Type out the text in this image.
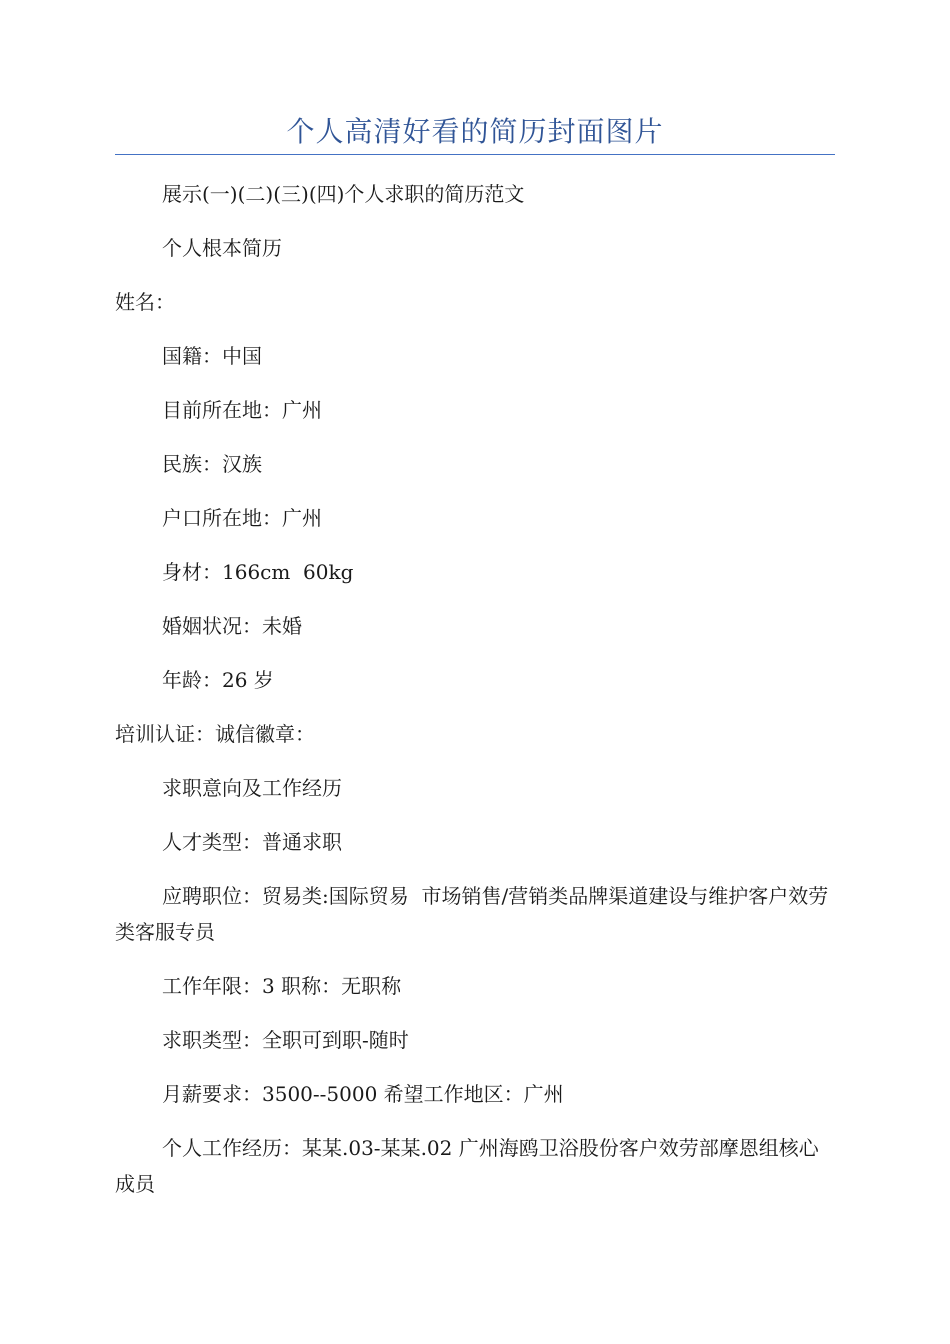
个人高清好看的简历封面图片

展示(一)(二)(三)(四)个人求职的简历范文

个人根本简历

姓名：

国籍：中国

目前所在地：广州

民族：汉族

户口所在地：广州

身材：166cm  60kg

婚姻状况：未婚

年龄：26 岁

培训认证：诚信徽章：

求职意向及工作经历

人才类型：普通求职

应聘职位：贸易类:国际贸易  市场销售/营销类品牌渠道建设与维护客户效劳类客服专员

工作年限：3 职称：无职称

求职类型：全职可到职-随时

月薪要求：3500--5000 希望工作地区：广州

个人工作经历：某某.03-某某.02 广州海鸥卫浴股份客户效劳部摩恩组核心成员
